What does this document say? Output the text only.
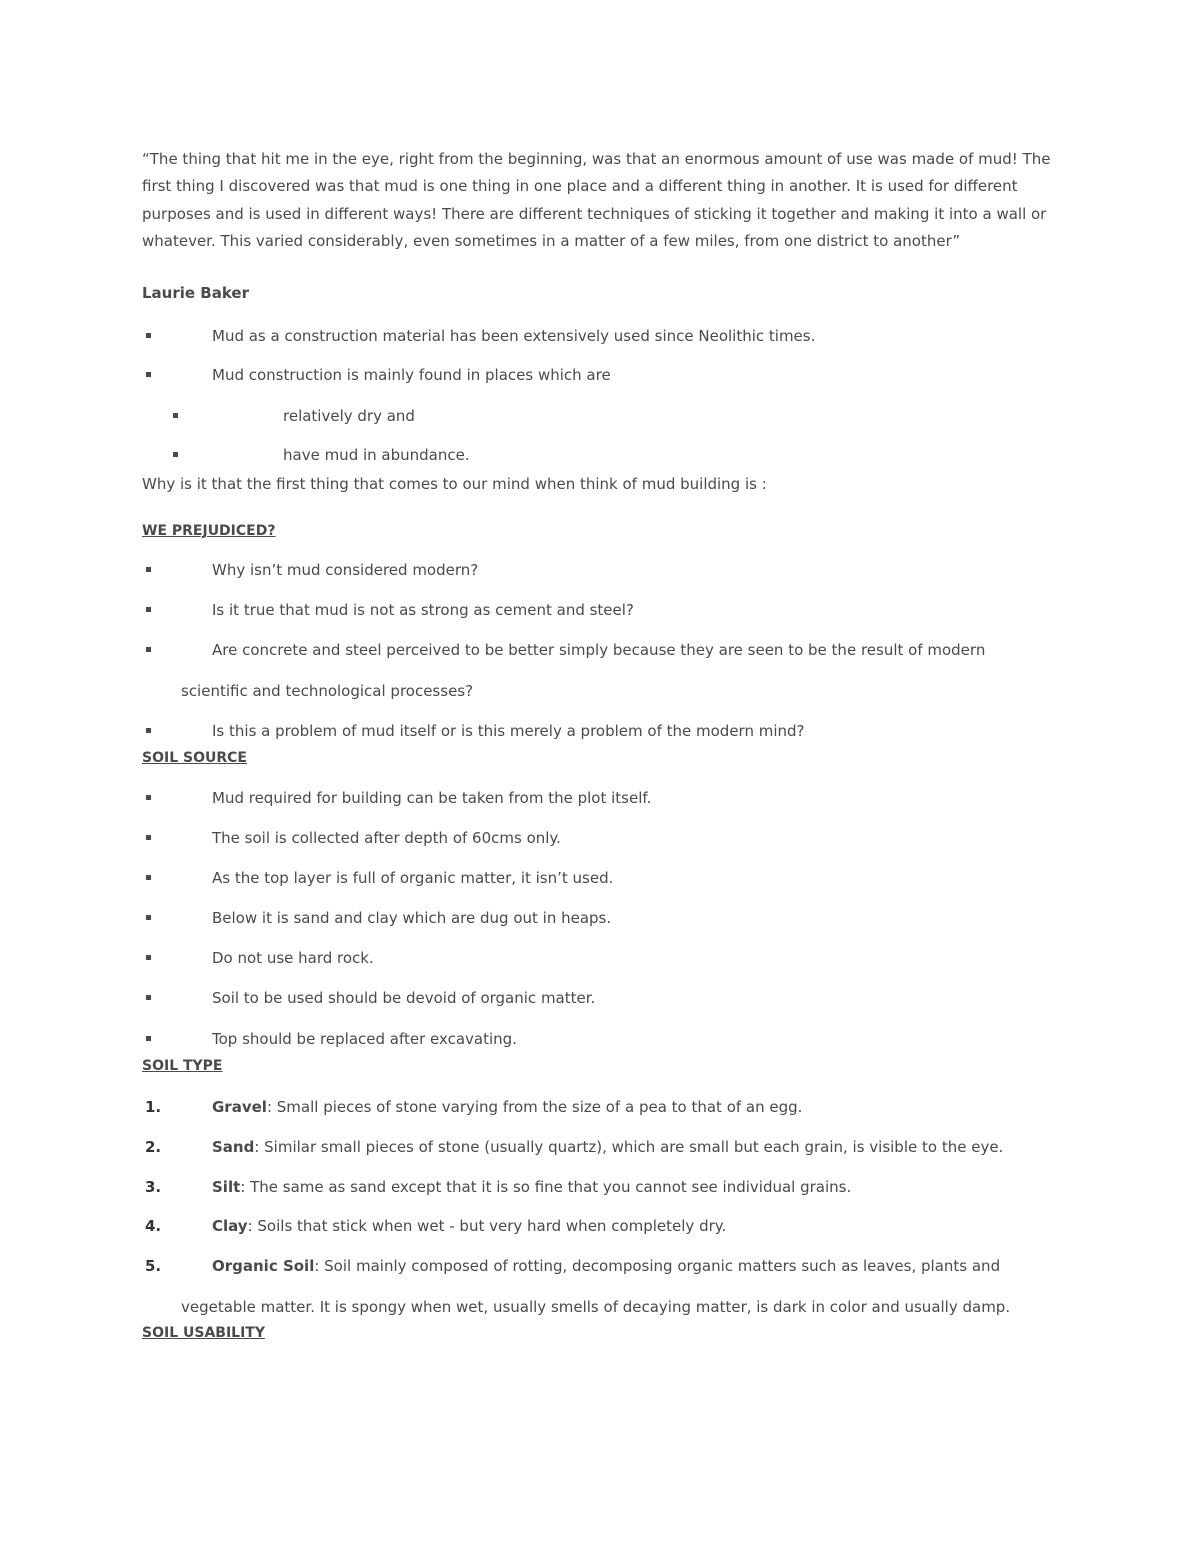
“The thing that hit me in the eye, right from the beginning, was that an enormous amount of use was made of mud! The first thing I discovered was that mud is one thing in one place and a different thing in another. It is used for different purposes and is used in different ways! There are different techniques of sticking it together and making it into a wall or whatever. This varied considerably, even sometimes in a matter of a few miles, from one district to another”

Laurie Baker

Mud as a construction material has been extensively used since Neolithic times.
Mud construction is mainly found in places which are
relatively dry and
have mud in abundance.
Why is it that the first thing that comes to our mind when think of mud building is :
WE PREJUDICED?
Why isn’t mud considered modern?
Is it true that mud is not as strong as cement and steel?
Are concrete and steel perceived to be better simply because they are seen to be the result of modern
scientific and technological processes?
Is this a problem of mud itself or is this merely a problem of the modern mind?
SOIL SOURCE
Mud required for building can be taken from the plot itself.
The soil is collected after depth of 60cms only.
As the top layer is full of organic matter, it isn’t used.
Below it is sand and clay which are dug out in heaps.
Do not use hard rock.
Soil to be used should be devoid of organic matter.
Top should be replaced after excavating.
SOIL TYPE
1.	Gravel: Small pieces of stone varying from the size of a pea to that of an egg.
2.	Sand: Similar small pieces of stone (usually quartz), which are small but each grain, is visible to the eye.
3.	Silt: The same as sand except that it is so fine that you cannot see individual grains.
4.	Clay: Soils that stick when wet - but very hard when completely dry.
5.	Organic Soil: Soil mainly composed of rotting, decomposing organic matters such as leaves, plants and
vegetable matter. It is spongy when wet, usually smells of decaying matter, is dark in color and usually damp.
SOIL USABILITY
